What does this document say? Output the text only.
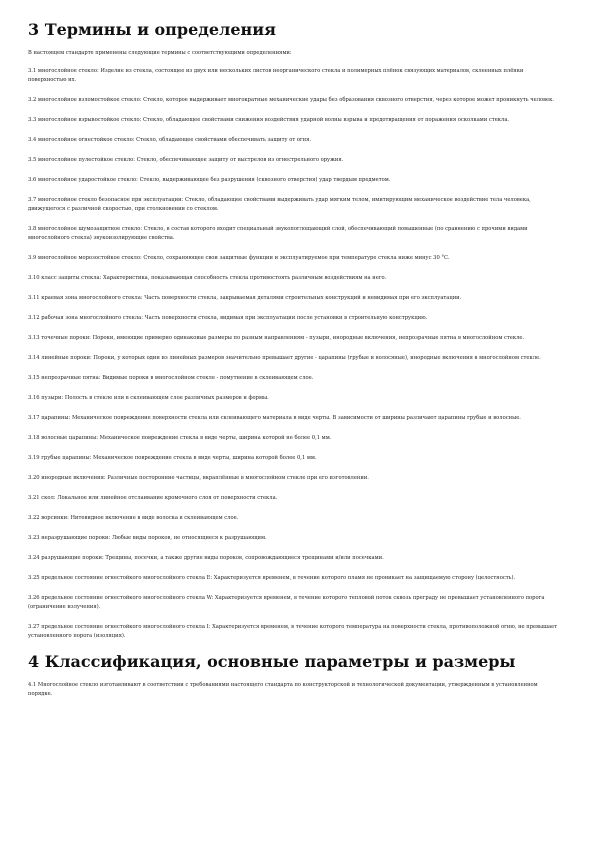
3 Термины и определения

В настоящем стандарте применены следующие термины с соответствующими определениями:

3.1 многослойное стекло: Изделие из стекла, состоящее из двух или нескольких листов неорганического стекла и полимерных плёнок связующих материалов, склеенных плёнки поверхностью их.

3.2 многослойное взломостойкое стекло: Стекло, которое выдерживает многократные механические удары без образования сквозного отверстия, через которое может проникнуть человек.

3.3 многослойное взрывостойкое стекло: Стекло, обладающее свойствами снижения воздействия ударной волны взрыва и предотвращения от поражения осколками стекла.

3.4 многослойное огнестойкое стекло: Стекло, обладающее свойствами обеспечивать защиту от огня.

3.5 многослойное пулестойкое стекло: Стекло, обеспечивающее защиту от выстрелов из огнестрельного оружия.

3.6 многослойное ударостойкое стекло: Стекло, выдерживающее без разрушения (сквозного отверстия) удар твердым предметом.

3.7 многослойное стекло безопасное при эксплуатации: Стекло, обладающее свойствами выдерживать удар мягким телом, имитирующим механическое воздействие тела человека, движущегося с различной скоростью, при столкновении со стеклом.

3.8 многослойное шумозащитное стекло: Стекло, в состав которого входит специальный звукопоглощающий слой, обеспечивающий повышенные (по сравнению с прочими видами многослойного стекла) звукоизолирующие свойства.

3.9 многослойное морозостойкое стекло: Стекло, сохраняющее свои защитные функции и эксплуатируемое при температуре стекла ниже минус 30 °С.

3.10 класс защиты стекла: Характеристика, показывающая способность стекла противостоять различным воздействиям на него.

3.11 краевая зона многослойного стекла: Часть поверхности стекла, закрываемая деталями строительных конструкций и невидимая при его эксплуатации.

3.12 рабочая зона многослойного стекла: Часть поверхности стекла, видимая при эксплуатации после установки в строительную конструкцию.

3.13 точечные пороки: Пороки, имеющие примерно одинаковые размеры по разным направлениям - пузыри, инородные включения, непрозрачные пятна в многослойном стекле.

3.14 линейные пороки: Пороки, у которых один из линейных размеров значительно превышает другие - царапины (грубые и волосяные), инородные включения в многослойном стекле.

3.15 непрозрачные пятна: Видимые пороки в многослойном стекле - помутнение в склеивающем слое.

3.16 пузыри: Полость в стекле или в склеивающем слое различных размеров и формы.

3.17 царапины: Механическое повреждение поверхности стекла или склеивающего материала в виде черты. В зависимости от ширины различают царапины грубые и волосные.

3.18 волосные царапины: Механическое повреждение стекла в виде черты, ширина которой не более 0,1 мм.

3.19 грубые царапины: Механическое повреждение стекла в виде черты, ширина которой более 0,1 мм.

3.20 инородные включения: Различные посторонние частицы, вкраплённые в многослойном стекле при его изготовлении.

3.21 скол: Локальное или линейное отслаивание кромочного слоя от поверхности стекла.

3.22 ворсинки: Нитевидное включение в виде волоска в склеивающем слое.

3.23 неразрушающие пороки: Любые виды пороков, не относящиеся к разрушающим.

3.24 разрушающие пороки: Трещины, посечки, а также другие виды пороков, сопровождающиеся трещинами и/или посечками.

3.25 предельное состояние огнестойкого многослойного стекла Е: Характеризуется временем, в течение которого пламя не проникает на защищаемую сторону (целостность).

3.26 предельное состояние огнестойкого многослойного стекла W: Характеризуется временем, в течение которого тепловой поток сквозь преграду не превышает установленного порога (ограничение излучения).

3.27 предельное состояние огнестойкого многослойного стекла I: Характеризуется временем, в течение которого температура на поверхности стекла, противоположной огню, не превышает установленного порога (изоляция).

4 Классификация, основные параметры и размеры

4.1 Многослойное стекло изготавливают в соответствии с требованиями настоящего стандарта по конструкторской и технологической документации, утвержденным в установленном порядке.
